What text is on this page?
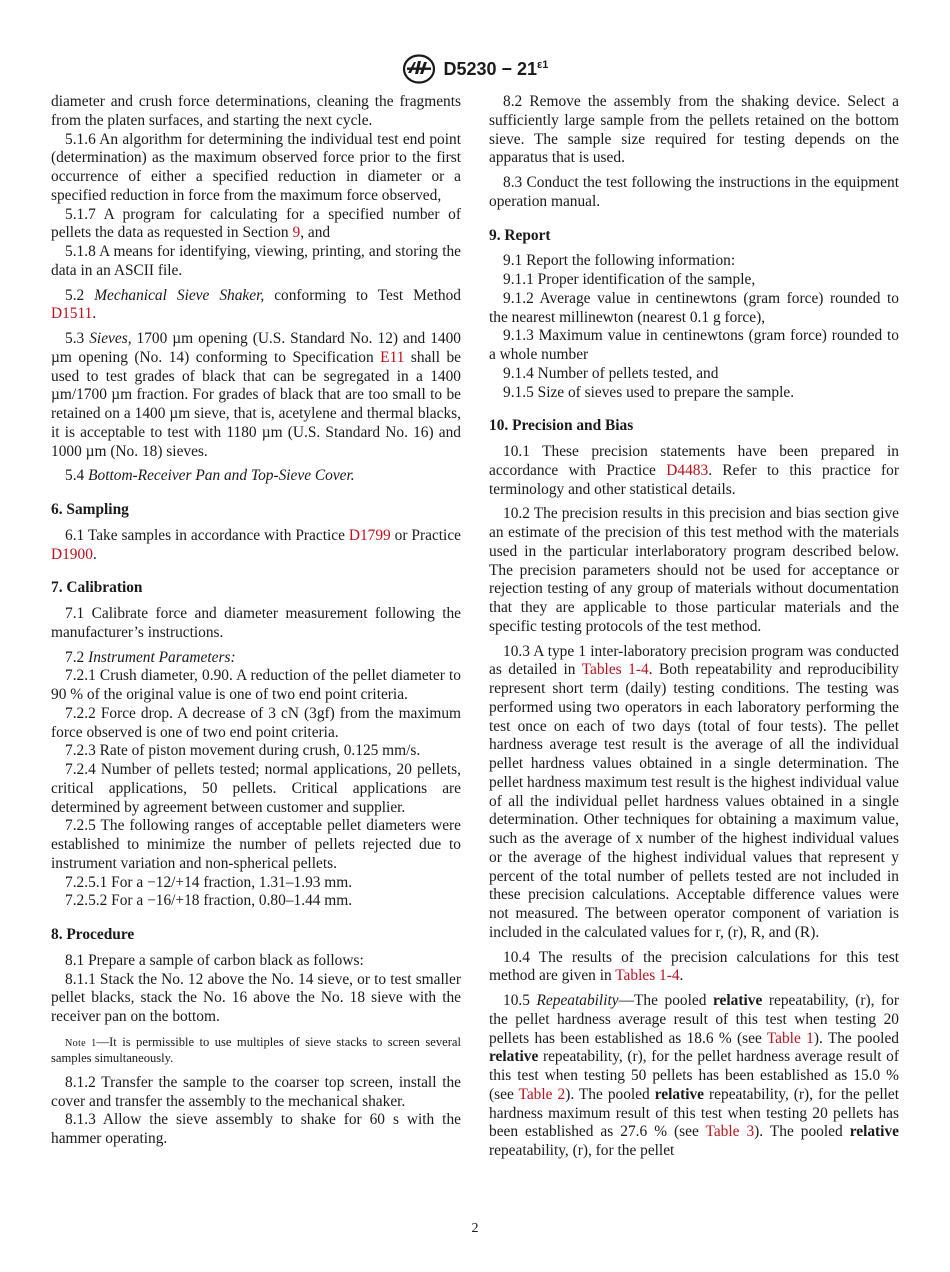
$D5230 - 21^{\varepsilon 1}$

diameter and crush force determinations, cleaning the fragments from the platen surfaces, and starting the next cycle.

5.1.6 An algorithm for determining the individual test end point (determination) as the maximum observed force prior to the first occurrence of either a specified reduction in diameter or a specified reduction in force from the maximum force observed,

5.1.7 A program for calculating for a specified number of pellets the data as requested in Section 9, and

5.1.8 A means for identifying, viewing, printing, and storing the data in an ASCII file.

5.2 Mechanical Sieve Shaker, conforming to Test Method D1511.

5.3 Sieves, 1700 µm opening (U.S. Standard No. 12) and 1400 µm opening (No. 14) conforming to Specification E11 shall be used to test grades of black that can be segregated in a 1400 µm/1700 µm fraction. For grades of black that are too small to be retained on a 1400 µm sieve, that is, acetylene and thermal blacks, it is acceptable to test with 1180 µm (U.S. Standard No. 16) and 1000 µm (No. 18) sieves.

5.4 Bottom-Receiver Pan and Top-Sieve Cover.

6. Sampling

6.1 Take samples in accordance with Practice D1799 or Practice D1900.

7. Calibration

7.1 Calibrate force and diameter measurement following the manufacturer’s instructions.

7.2 Instrument Parameters:

7.2.1 Crush diameter, 0.90. A reduction of the pellet diameter to 90 % of the original value is one of two end point criteria.

7.2.2 Force drop. A decrease of 3 cN (3gf) from the maximum force observed is one of two end point criteria.

7.2.3 Rate of piston movement during crush, 0.125 mm/s.

7.2.4 Number of pellets tested; normal applications, 20 pellets, critical applications, 50 pellets. Critical applications are determined by agreement between customer and supplier.

7.2.5 The following ranges of acceptable pellet diameters were established to minimize the number of pellets rejected due to instrument variation and non-spherical pellets.

7.2.5.1 For a −12/+14 fraction, 1.31–1.93 mm.

7.2.5.2 For a −16/+18 fraction, 0.80–1.44 mm.

8. Procedure

8.1 Prepare a sample of carbon black as follows:

8.1.1 Stack the No. 12 above the No. 14 sieve, or to test smaller pellet blacks, stack the No. 16 above the No. 18 sieve with the receiver pan on the bottom.

Note 1—It is permissible to use multiples of sieve stacks to screen several samples simultaneously.

8.1.2 Transfer the sample to the coarser top screen, install the cover and transfer the assembly to the mechanical shaker.

8.1.3 Allow the sieve assembly to shake for 60 s with the hammer operating.

8.2 Remove the assembly from the shaking device. Select a sufficiently large sample from the pellets retained on the bottom sieve. The sample size required for testing depends on the apparatus that is used.

8.3 Conduct the test following the instructions in the equipment operation manual.

9. Report

9.1 Report the following information:

9.1.1 Proper identification of the sample,

9.1.2 Average value in centinewtons (gram force) rounded to the nearest millinewton (nearest 0.1 g force),

9.1.3 Maximum value in centinewtons (gram force) rounded to a whole number

9.1.4 Number of pellets tested, and

9.1.5 Size of sieves used to prepare the sample.

10. Precision and Bias

10.1 These precision statements have been prepared in accordance with Practice D4483. Refer to this practice for terminology and other statistical details.

10.2 The precision results in this precision and bias section give an estimate of the precision of this test method with the materials used in the particular interlaboratory program described below. The precision parameters should not be used for acceptance or rejection testing of any group of materials without documentation that they are applicable to those particular materials and the specific testing protocols of the test method.

10.3 A type 1 inter-laboratory precision program was conducted as detailed in Tables 1-4. Both repeatability and reproducibility represent short term (daily) testing conditions. The testing was performed using two operators in each laboratory performing the test once on each of two days (total of four tests). The pellet hardness average test result is the average of all the individual pellet hardness values obtained in a single determination. The pellet hardness maximum test result is the highest individual value of all the individual pellet hardness values obtained in a single determination. Other techniques for obtaining a maximum value, such as the average of x number of the highest individual values or the average of the highest individual values that represent y percent of the total number of pellets tested are not included in these precision calculations. Acceptable difference values were not measured. The between operator component of variation is included in the calculated values for r, (r), R, and (R).

10.4 The results of the precision calculations for this test method are given in Tables 1-4.

10.5 Repeatability—The pooled relative repeatability, (r), for the pellet hardness average result of this test when testing 20 pellets has been established as 18.6 % (see Table 1). The pooled relative repeatability, (r), for the pellet hardness average result of this test when testing 50 pellets has been established as 15.0 % (see Table 2). The pooled relative repeatability, (r), for the pellet hardness maximum result of this test when testing 20 pellets has been established as 27.6 % (see Table 3). The pooled relative repeatability, (r), for the pellet

2
